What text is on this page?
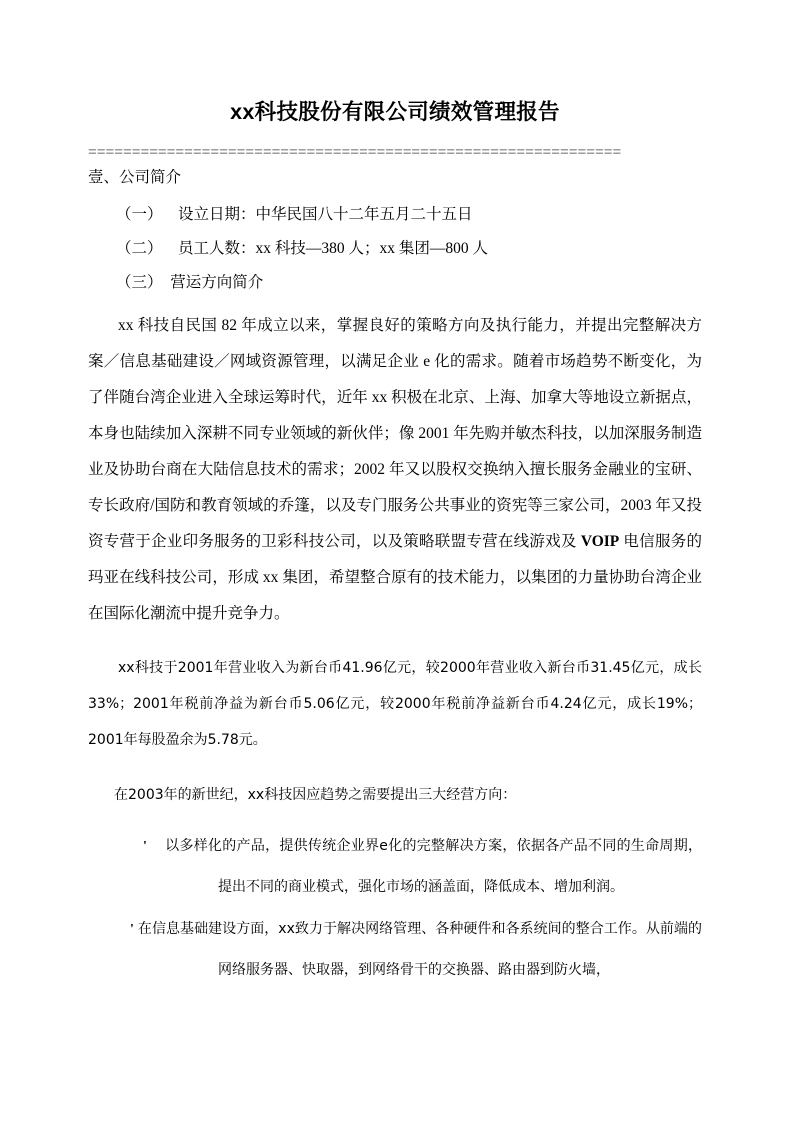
xx科技股份有限公司绩效管理报告
=============================================================
壹、公司简介
（一）    设立日期：中华民国八十二年五月二十五日
（二）    员工人数：xx 科技—380 人；xx 集团—800 人
（三）  营运方向简介

xx 科技自民国 82 年成立以来，掌握良好的策略方向及执行能力，并提出完整解决方案／信息基础建设／网域资源管理，以满足企业 e 化的需求。随着市场趋势不断变化，为了伴随台湾企业进入全球运筹时代，近年 xx 积极在北京、上海、加拿大等地设立新据点，本身也陆续加入深耕不同专业领域的新伙伴；像 2001 年先购并敏杰科技，以加深服务制造业及协助台商在大陆信息技术的需求；2002 年又以股权交换纳入擅长服务金融业的宝研、专长政府/国防和教育领域的乔篷，以及专门服务公共事业的资宪等三家公司，2003 年又投资专营于企业印务服务的卫彩科技公司，以及策略联盟专营在线游戏及 VOIP 电信服务的玛亚在线科技公司，形成 xx 集团，希望整合原有的技术能力，以集团的力量协助台湾企业在国际化潮流中提升竞争力。

xx科技于2001年营业收入为新台币41.96亿元，较2000年营业收入新台币31.45亿元，成长33%；2001年税前净益为新台币5.06亿元，较2000年税前净益新台币4.24亿元，成长19%；2001年每股盈余为5.78元。

在2003年的新世纪，xx科技因应趋势之需要提出三大经营方向：

' 以多样化的产品，提供传统企业界e化的完整解决方案，依据各产品不同的生命周期，提出不同的商业模式，强化市场的涵盖面，降低成本、增加利润。
' 在信息基础建设方面，xx致力于解决网络管理、各种硬件和各系统间的整合工作。从前端的网络服务器、快取器，到网络骨干的交换器、路由器到防火墙，
